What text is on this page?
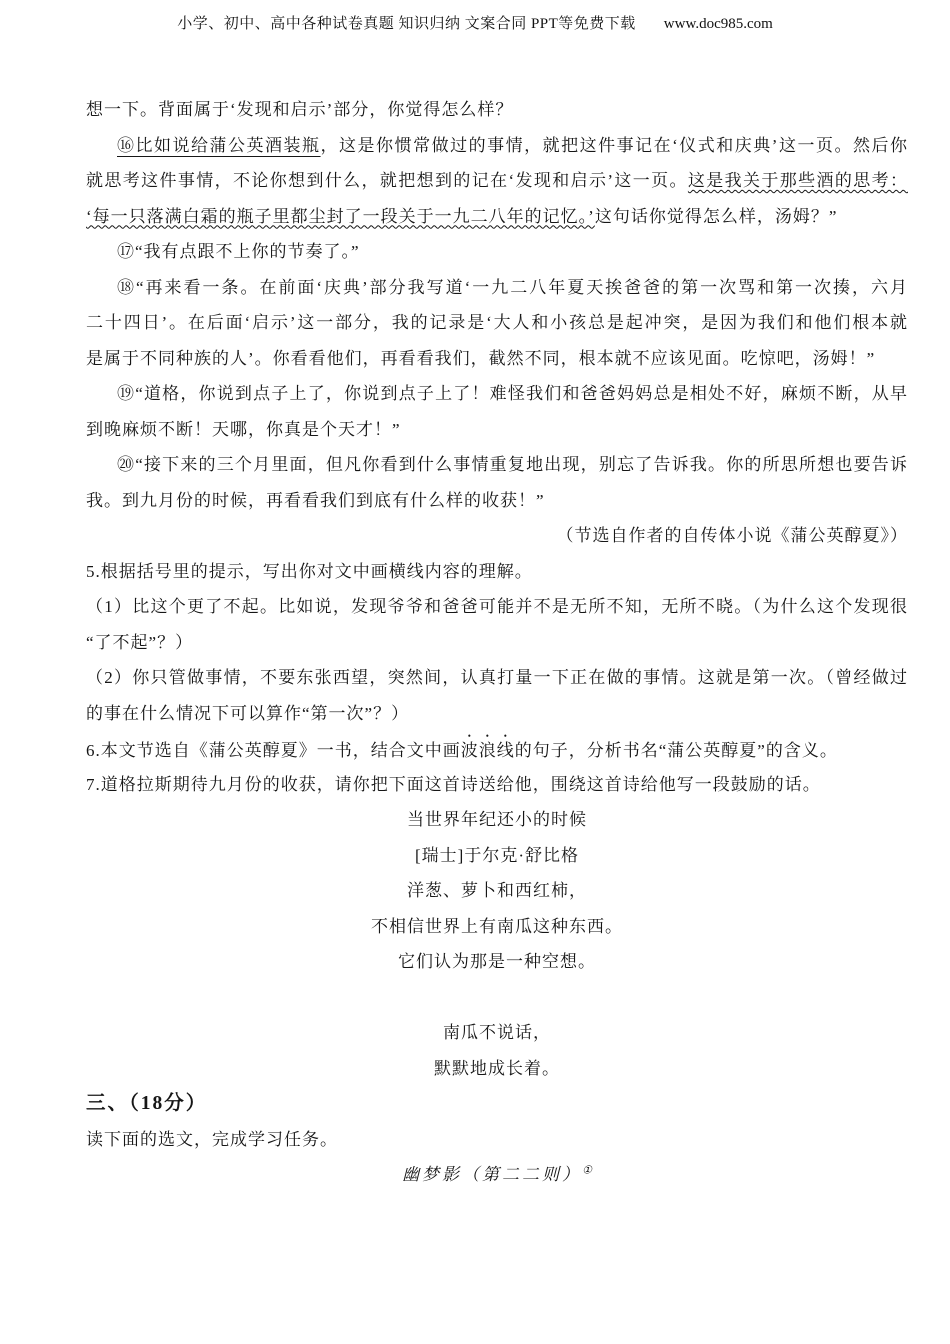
小学、初中、高中各种试卷真题 知识归纳 文案合同 PPT等免费下载 www.doc985.com
想一下。背面属于‘发现和启示’部分，你觉得怎么样？
⑯比如说给蒲公英酒装瓶，这是你惯常做过的事情，就把这件事记在‘仪式和庆典’这一页。然后你
就思考这件事情，不论你想到什么，就把想到的记在‘发现和启示’这一页。这是我关于那些酒的思考：
‘每一只落满白霜的瓶子里都尘封了一段关于一九二八年的记忆。’这句话你觉得怎么样，汤姆？”
⑰“我有点跟不上你的节奏了。”
⑱“再来看一条。在前面‘庆典’部分我写道‘一九二八年夏天挨爸爸的第一次骂和第一次揍，六月
二十四日’。在后面‘启示’这一部分，我的记录是‘大人和小孩总是起冲突，是因为我们和他们根本就
是属于不同种族的人’。你看看他们，再看看我们，截然不同，根本就不应该见面。吃惊吧，汤姆！”
⑲“道格，你说到点子上了，你说到点子上了！难怪我们和爸爸妈妈总是相处不好，麻烦不断，从早
到晚麻烦不断！天哪，你真是个天才！”
⑳“接下来的三个月里面，但凡你看到什么事情重复地出现，别忘了告诉我。你的所思所想也要告诉
我。到九月份的时候，再看看我们到底有什么样的收获！”
（节选自作者的自传体小说《蒲公英醇夏》）
5.根据括号里的提示，写出你对文中画横线内容的理解。
（1）比这个更了不起。比如说，发现爷爷和爸爸可能并不是无所不知，无所不晓。（为什么这个发现很
“了不起”？）
（2）你只管做事情，不要东张西望，突然间，认真打量一下正在做的事情。这就是第一次。（曾经做过
的事在什么情况下可以算作“第一次”？）
6.本文节选自《蒲公英醇夏》一书，结合文中画波浪线的句子，分析书名“蒲公英醇夏”的含义。
7.道格拉斯期待九月份的收获，请你把下面这首诗送给他，围绕这首诗给他写一段鼓励的话。
当世界年纪还小的时候
[瑞士]于尔克·舒比格
洋葱、萝卜和西红柿，
不相信世界上有南瓜这种东西。
它们认为那是一种空想。
南瓜不说话，
默默地成长着。
三、（18分）
读下面的选文，完成学习任务。
幽梦影（第二二则）①
